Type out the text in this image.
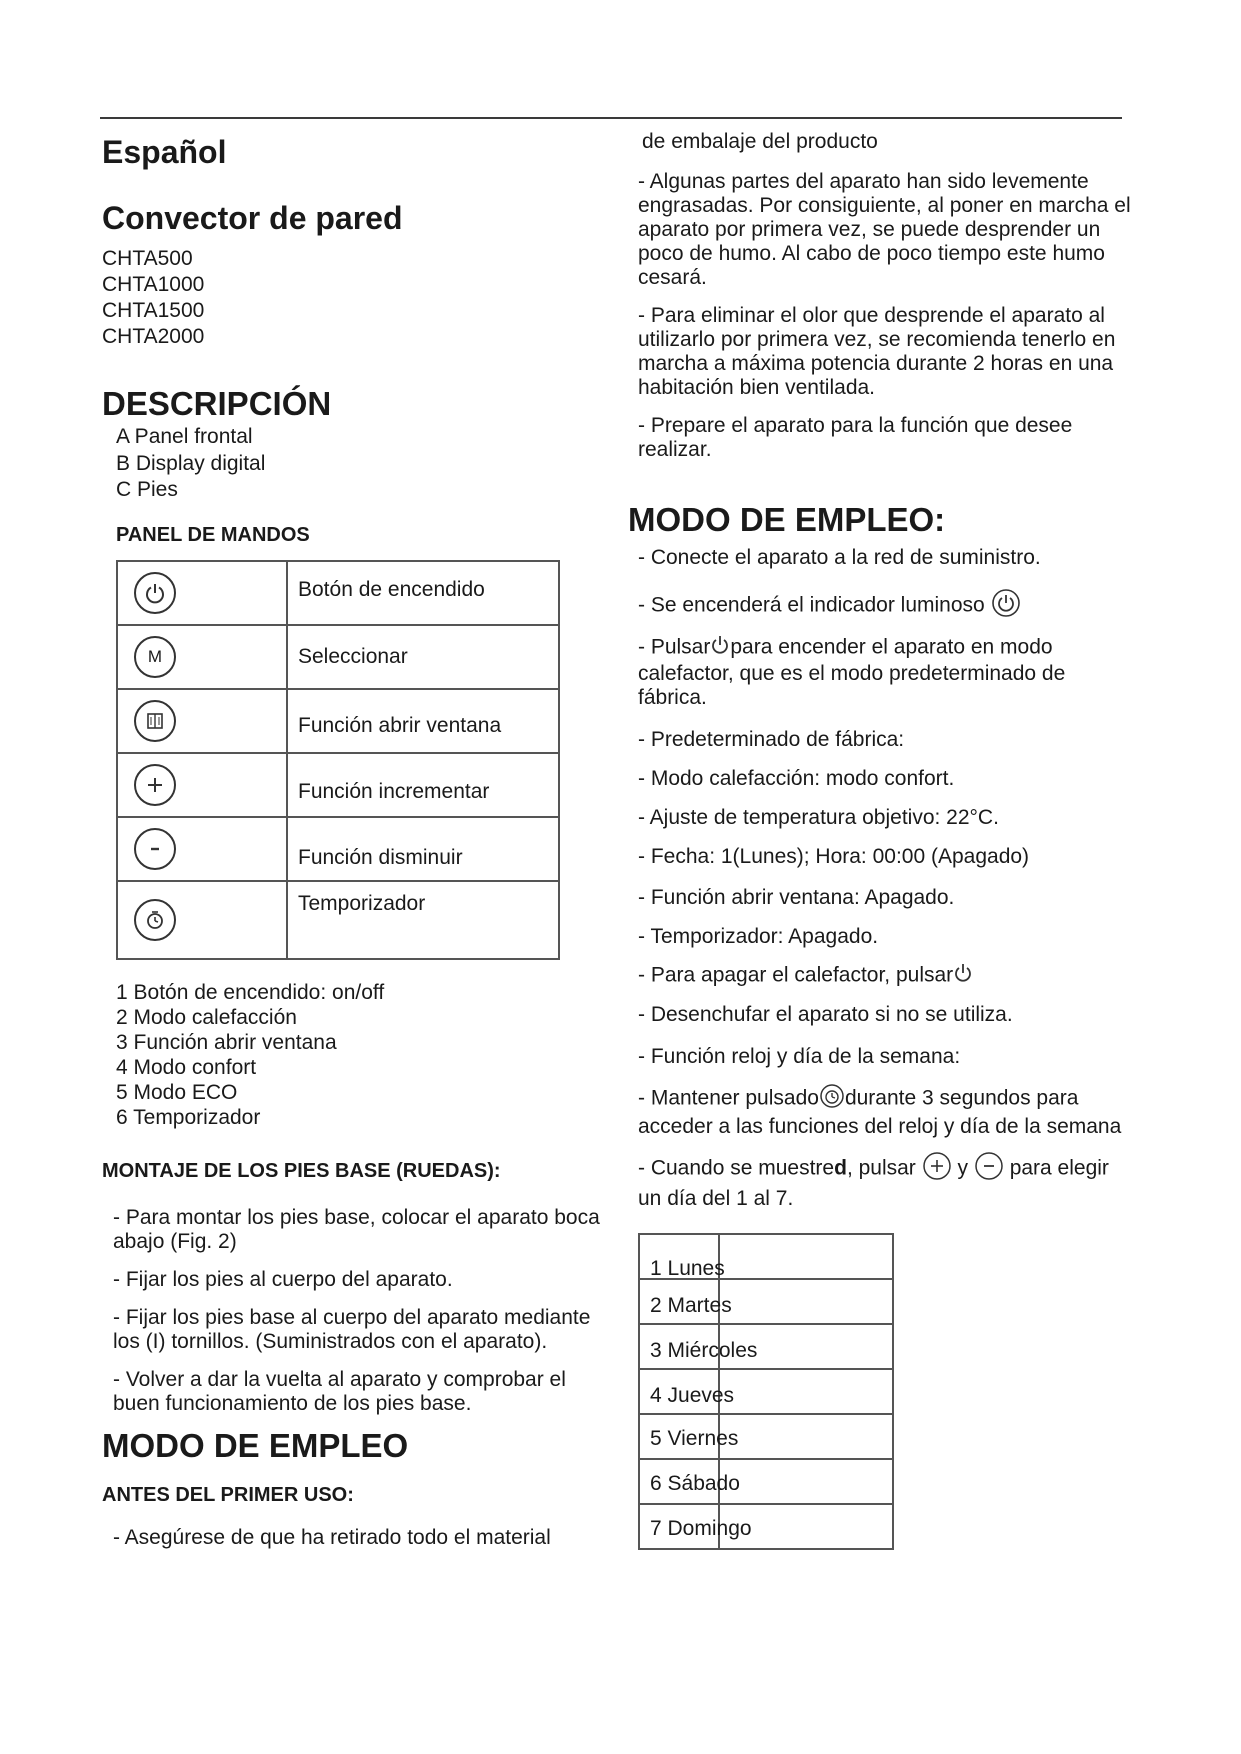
Español
Convector de pared
CHTA500
CHTA1000
CHTA1500
CHTA2000
DESCRIPCIÓN
A Panel frontal
B Display digital
C Pies
PANEL DE MANDOS
	Botón de encendido

M	Seleccionar

	Función abrir ventana

	Función incrementar

	Función disminuir

	Temporizador
1 Botón de encendido: on/off
2 Modo calefacción
3 Función abrir ventana
4 Modo confort
5 Modo ECO
6 Temporizador
MONTAJE DE LOS PIES BASE (RUEDAS):
- Para montar los pies base, colocar el aparato boca abajo (Fig. 2)
- Fijar los pies al cuerpo del aparato.
- Fijar los pies base al cuerpo del aparato mediante los (I) tornillos. (Suministrados con el aparato).
- Volver a dar la vuelta al aparato y comprobar el buen funcionamiento de los pies base.
MODO DE EMPLEO
ANTES DEL PRIMER USO:
- Asegúrese de que ha retirado todo el material
de embalaje del producto
- Algunas partes del aparato han sido levemente engrasadas. Por consiguiente, al poner en marcha el aparato por primera vez, se puede desprender un poco de humo. Al cabo de poco tiempo este humo cesará.
- Para eliminar el olor que desprende el aparato al utilizarlo por primera vez, se recomienda tenerlo en marcha a máxima potencia durante 2 horas en una habitación bien ventilada.
- Prepare el aparato para la función que desee realizar.
MODO DE EMPLEO:
- Conecte el aparato a la red de suministro.
- Se encenderá el indicador luminoso
- Pulsar para encender el aparato en modo calefactor, que es el modo predeterminado de fábrica.
- Predeterminado de fábrica:
- Modo calefacción: modo confort.
- Ajuste de temperatura objetivo: 22°C.
- Fecha: 1(Lunes); Hora: 00:00 (Apagado)
- Función abrir ventana: Apagado.
- Temporizador: Apagado.
- Para apagar el calefactor, pulsar
- Desenchufar el aparato si no se utiliza.
- Función reloj y día de la semana:
- Mantener pulsado durante 3 segundos para acceder a las funciones del reloj y día de la semana
- Cuando se muestred, pulsar y para elegir un día del 1 al 7.
1 Lunes	

2 Martes	

3 Miércoles	

4 Jueves	

5 Viernes	

6 Sábado	

7 Domingo	
